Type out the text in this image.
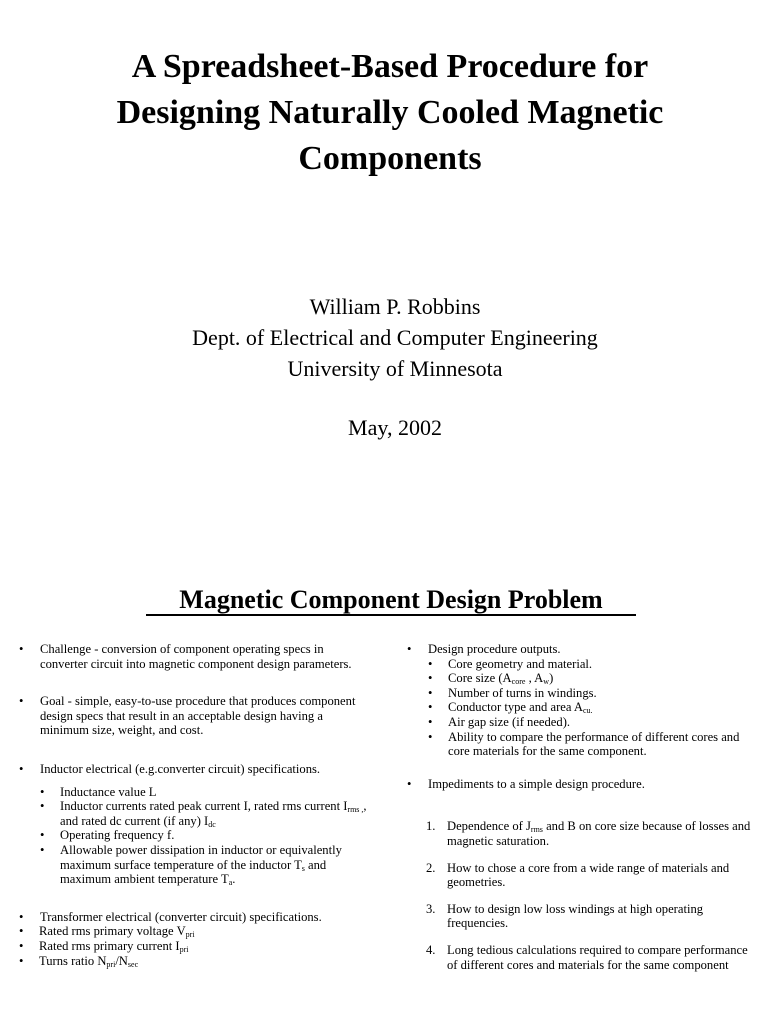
A Spreadsheet-Based Procedure for
Designing Naturally Cooled Magnetic
Components
William P. Robbins
Dept. of Electrical and Computer Engineering
University of Minnesota
May, 2002
Magnetic Component Design Problem
• Challenge - conversion of component operating specs in converter circuit into magnetic component design parameters.
• Goal - simple, easy-to-use procedure that produces component design specs that result in an acceptable design having a minimum size, weight, and cost.
• Inductor electrical (e.g.converter circuit) specifications.
• Inductance value L
• Inductor currents rated peak current I, rated rms current $I_{rms ,}$, and rated dc current (if any) $I_{dc}$
• Operating frequency f.
• Allowable power dissipation in inductor or equivalently maximum surface temperature of the inductor $T_s$ and maximum ambient temperature $T_a$.
• Transformer electrical (converter circuit) specifications.
• Rated rms primary voltage $V_{pri}$
• Rated rms primary current $I_{pri}$
• Turns ratio $N_{pri}/N_{sec}$
• Design procedure outputs.
• Core geometry and material.
• Core size ($A_{core}$ , $A_w$)
• Number of turns in windings.
• Conductor type and area $A_{cu.}$
• Air gap size (if needed).
• Ability to compare the performance of different cores and core materials for the same component.
• Impediments to a simple design procedure.
1. Dependence of $J_{rms}$ and B on core size because of losses and magnetic saturation.
2. How to chose a core from a wide range of materials and geometries.
3. How to design low loss windings at high operating frequencies.
4. Long tedious calculations required to compare performance of different cores and materials for the same component
